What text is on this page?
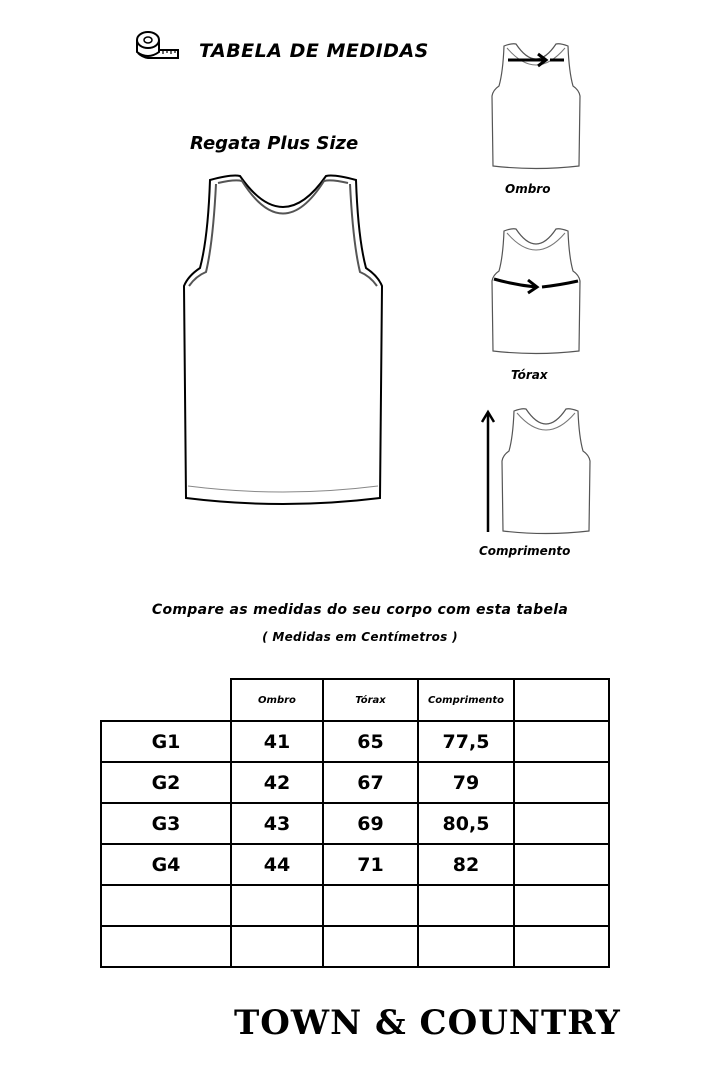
TABELA DE MEDIDAS
Regata Plus Size
Ombro
Tórax
Comprimento
Compare as medidas do seu corpo com esta tabela
( Medidas em Centímetros )
	Ombro	Tórax	Comprimento	
G1	41	65	77,5	
G2	42	67	79	
G3	43	69	80,5	
G4	44	71	82	

TOWN & COUNTRY
